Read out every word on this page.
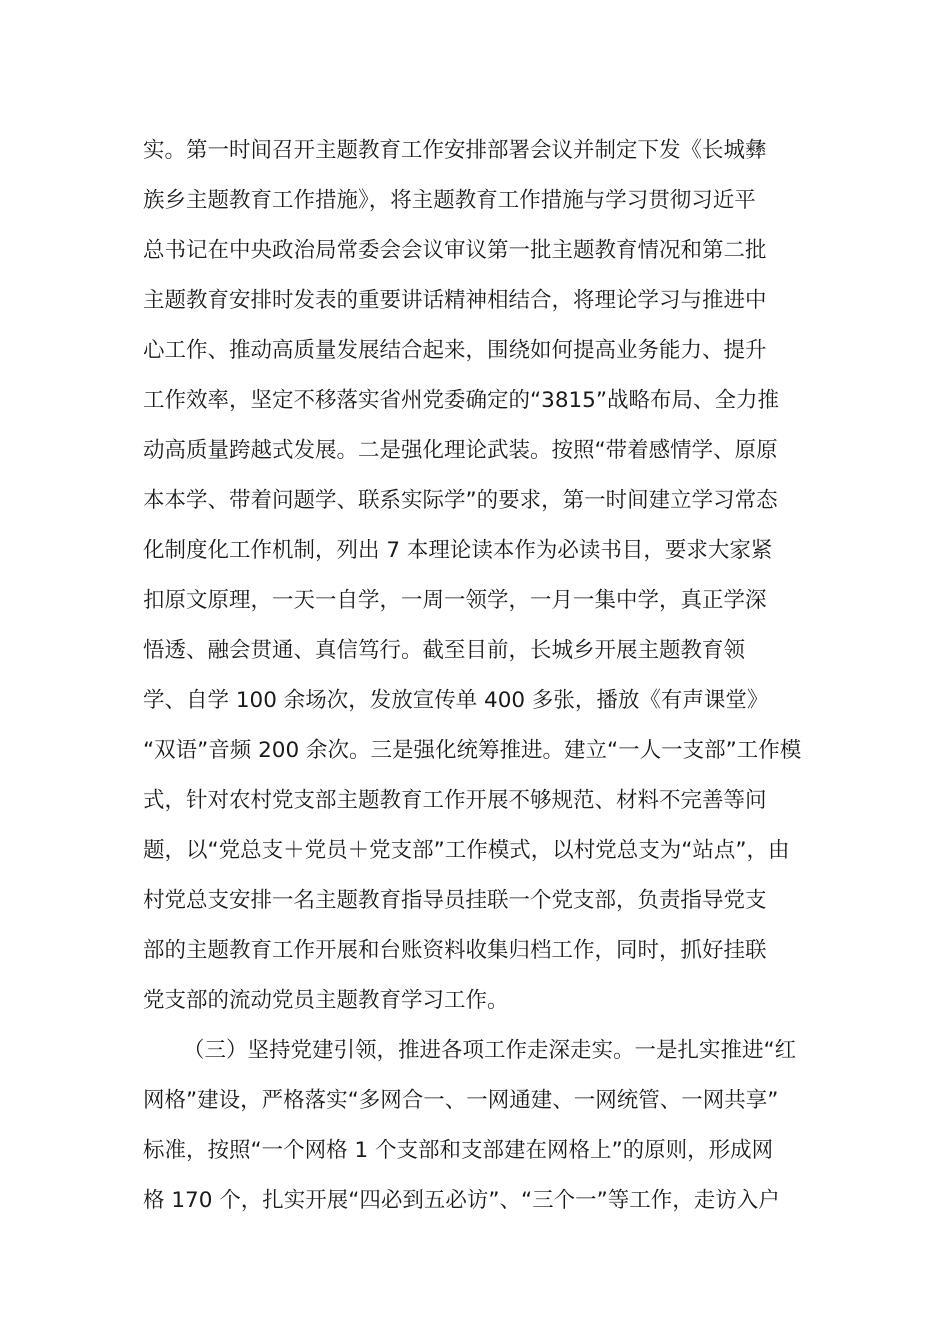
实。第一时间召开主题教育工作安排部署会议并制定下发《长城彝
族乡主题教育工作措施》，将主题教育工作措施与学习贯彻习近平
总书记在中央政治局常委会会议审议第一批主题教育情况和第二批
主题教育安排时发表的重要讲话精神相结合，将理论学习与推进中
心工作、推动高质量发展结合起来，围绕如何提高业务能力、提升
工作效率，坚定不移落实省州党委确定的“3815”战略布局、全力推
动高质量跨越式发展。二是强化理论武装。按照“带着感情学、原原
本本学、带着问题学、联系实际学”的要求，第一时间建立学习常态
化制度化工作机制，列出 7 本理论读本作为必读书目，要求大家紧
扣原文原理，一天一自学，一周一领学，一月一集中学，真正学深
悟透、融会贯通、真信笃行。截至目前，长城乡开展主题教育领
学、自学 100 余场次，发放宣传单 400 多张，播放《有声课堂》
“双语”音频 200 余次。三是强化统筹推进。建立“一人一支部”工作模
式，针对农村党支部主题教育工作开展不够规范、材料不完善等问
题，以“党总支＋党员＋党支部”工作模式，以村党总支为“站点”，由
村党总支安排一名主题教育指导员挂联一个党支部，负责指导党支
部的主题教育工作开展和台账资料收集归档工作，同时，抓好挂联
党支部的流动党员主题教育学习工作。
（三）坚持党建引领，推进各项工作走深走实。一是扎实推进“红
网格”建设，严格落实“多网合一、一网通建、一网统管、一网共享”
标准，按照“一个网格 1 个支部和支部建在网格上”的原则，形成网
格 170 个，扎实开展“四必到五必访”、“三个一”等工作，走访入户
